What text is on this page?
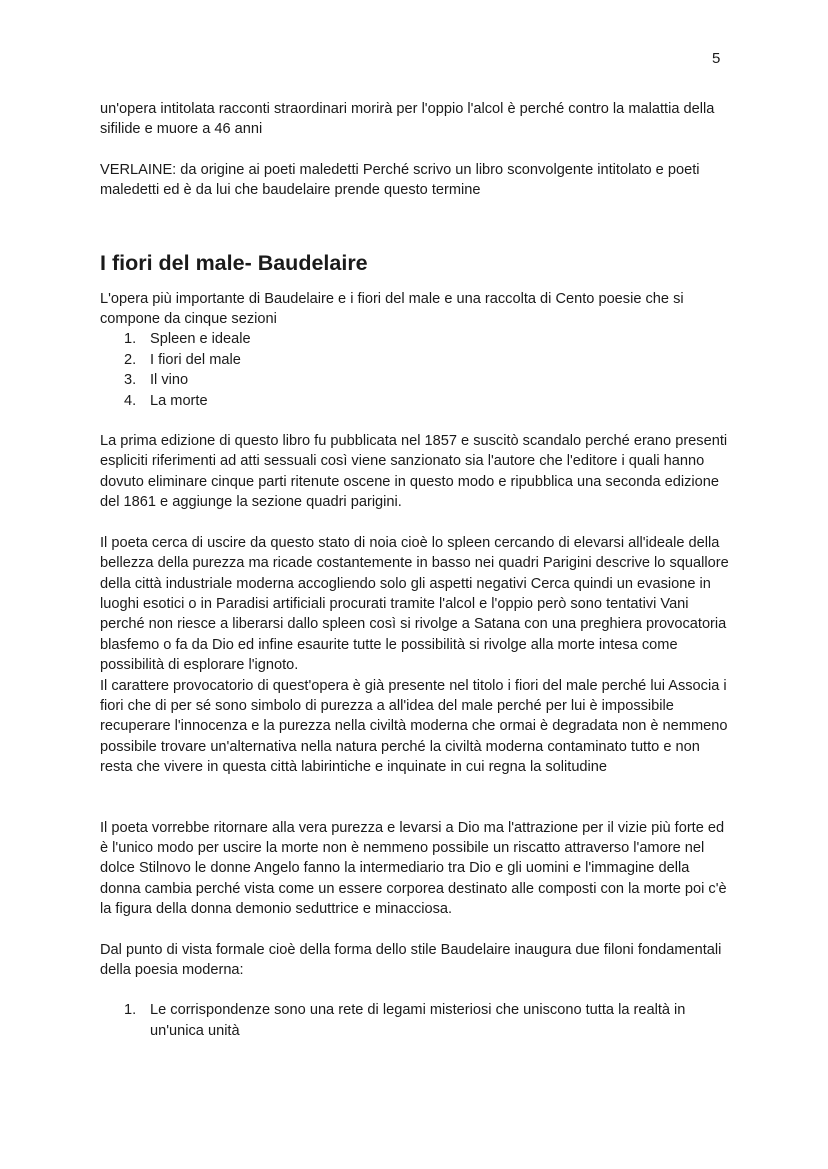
5

un'opera intitolata racconti straordinari morirà per l'oppio l'alcol è perché contro la malattia della sifilide e muore a 46 anni

VERLAINE: da origine ai poeti maledetti Perché scrivo un libro sconvolgente intitolato e poeti maledetti ed è da lui che baudelaire prende questo termine

I fiori del male- Baudelaire

L'opera più importante di Baudelaire e i fiori del male e una raccolta di Cento poesie che si compone da cinque sezioni

1. Spleen e ideale
2. I fiori del male
3. Il vino
4. La morte

La prima edizione di questo libro fu pubblicata nel 1857 e suscitò scandalo perché erano presenti espliciti riferimenti ad atti sessuali così viene sanzionato sia l'autore che l'editore i quali hanno dovuto eliminare cinque parti ritenute oscene in questo modo e ripubblica una seconda edizione del 1861 e aggiunge la sezione quadri parigini.

Il poeta cerca di uscire da questo stato di noia cioè lo spleen cercando di elevarsi all'ideale della bellezza della purezza ma ricade costantemente in basso nei quadri Parigini descrive lo squallore della città industriale moderna accogliendo solo gli aspetti negativi Cerca quindi un evasione in luoghi esotici o in Paradisi artificiali procurati tramite l'alcol e l'oppio però sono tentativi Vani perché non riesce a liberarsi dallo spleen così si rivolge a Satana con una preghiera provocatoria blasfemo o fa da Dio ed infine esaurite tutte le possibilità si rivolge alla morte intesa come possibilità di esplorare l'ignoto.

Il carattere provocatorio di quest'opera è già presente nel titolo i fiori del male perché lui Associa i fiori che di per sé sono simbolo di purezza a all'idea del male perché per lui è impossibile recuperare l'innocenza e la purezza nella civiltà moderna che ormai è degradata non è nemmeno possibile trovare un'alternativa nella natura perché la civiltà moderna contaminato tutto e non resta che vivere in questa città labirintiche e inquinate in cui regna la solitudine

Il poeta vorrebbe ritornare alla vera purezza e levarsi a Dio ma l'attrazione per il vizie più forte ed è l'unico modo per uscire la morte non è nemmeno possibile un riscatto attraverso l'amore nel dolce Stilnovo le donne Angelo fanno la intermediario tra Dio e gli uomini e l'immagine della donna cambia perché vista come un essere corporea destinato alle composti con la morte poi c'è la figura della donna demonio seduttrice e minacciosa.

Dal punto di vista formale cioè della forma dello stile Baudelaire inaugura due filoni fondamentali della poesia moderna:

1. Le corrispondenze sono una rete di legami misteriosi che uniscono tutta la realtà in un'unica unità
